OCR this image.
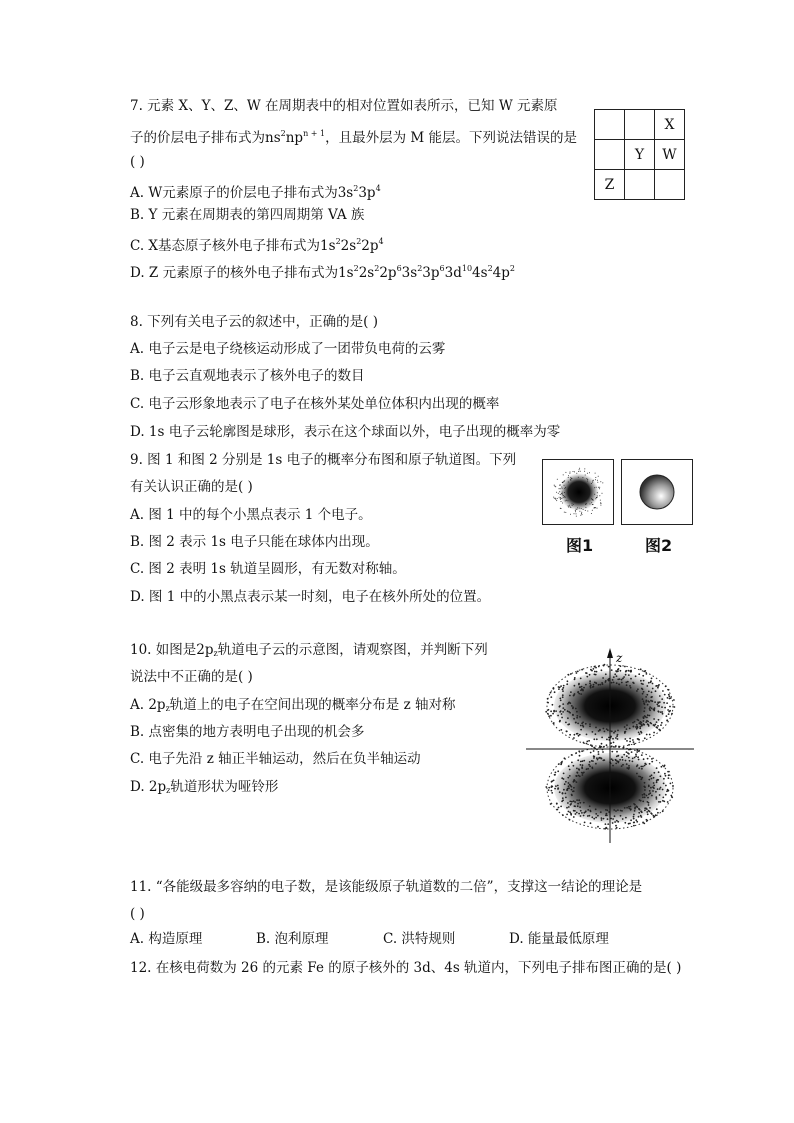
7. 元素 X、Y、Z、W 在周期表中的相对位置如表所示，已知 W 元素原
子的价层电子排布式为$ns^2np^{n + 1}$，且最外层为 M 能层。下列说法错误的是
( )
A. W元素原子的价层电子排布式为$3s^23p^4$
B. Y 元素在周期表的第四周期第 VA 族
C. X基态原子核外电子排布式为$1s^22s^22p^4$
D. Z 元素原子的核外电子排布式为$1s^22s^22p^63s^23p^63d^{10}4s^24p^2$
		X
	Y	W
Z		
8. 下列有关电子云的叙述中，正确的是( )
A. 电子云是电子绕核运动形成了一团带负电荷的云雾
B. 电子云直观地表示了核外电子的数目
C. 电子云形象地表示了电子在核外某处单位体积内出现的概率
D. 1s 电子云轮廓图是球形，表示在这个球面以外，电子出现的概率为零
9. 图 1 和图 2 分别是 1s 电子的概率分布图和原子轨道图。下列
有关认识正确的是( )
A. 图 1 中的每个小黑点表示 1 个电子。
B. 图 2 表示 1s 电子只能在球体内出现。
C. 图 2 表明 1s 轨道呈圆形，有无数对称轴。
D. 图 1 中的小黑点表示某一时刻，电子在核外所处的位置。
图1	图2
10. 如图是$2p_z$轨道电子云的示意图，请观察图，并判断下列
说法中不正确的是( )
A. $2p_z$轨道上的电子在空间出现的概率分布是 z 轴对称
B. 点密集的地方表明电子出现的机会多
C. 电子先沿 z 轴正半轴运动，然后在负半轴运动
D. $2p_z$轨道形状为哑铃形
z
11. “各能级最多容纳的电子数，是该能级原子轨道数的二倍”，支撑这一结论的理论是
( )
A. 构造原理	B. 泡利原理	C. 洪特规则	D. 能量最低原理
12. 在核电荷数为 26 的元素 Fe 的原子核外的 3d、4s 轨道内，下列电子排布图正确的是( )
